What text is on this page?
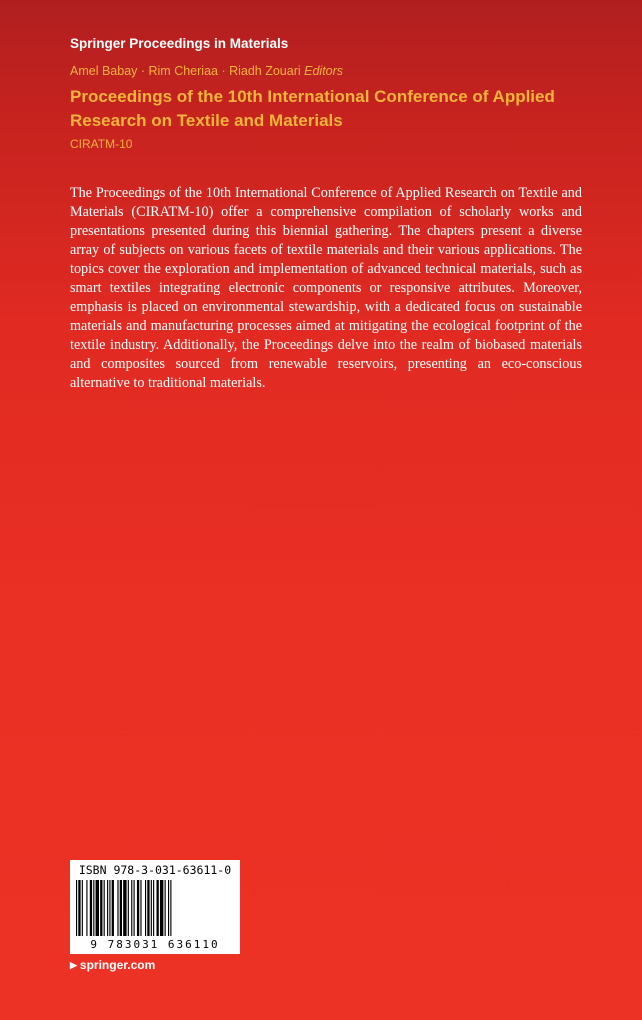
Springer Proceedings in Materials
Amel Babay · Rim Cheriaa · Riadh Zouari Editors
Proceedings of the 10th International Conference of Applied Research on Textile and Materials
CIRATM-10

The Proceedings of the 10th International Conference of Applied Research on Textile and Materials (CIRATM-10) offer a comprehensive compilation of scholarly works and presentations presented during this biennial gathering. The chapters present a diverse array of subjects on various facets of textile materials and their various applications. The topics cover the exploration and implementation of advanced technical materials, such as smart textiles integrating electronic components or responsive attributes. Moreover, emphasis is placed on environmental stewardship, with a dedicated focus on sustainable materials and manufacturing processes aimed at mitigating the ecological footprint of the textile industry. Additionally, the Proceedings delve into the realm of biobased materials and composites sourced from renewable reservoirs, presenting an eco-conscious alternative to traditional materials.

ISBN 978-3-031-63611-0
9 783031 636110
▶ springer.com
